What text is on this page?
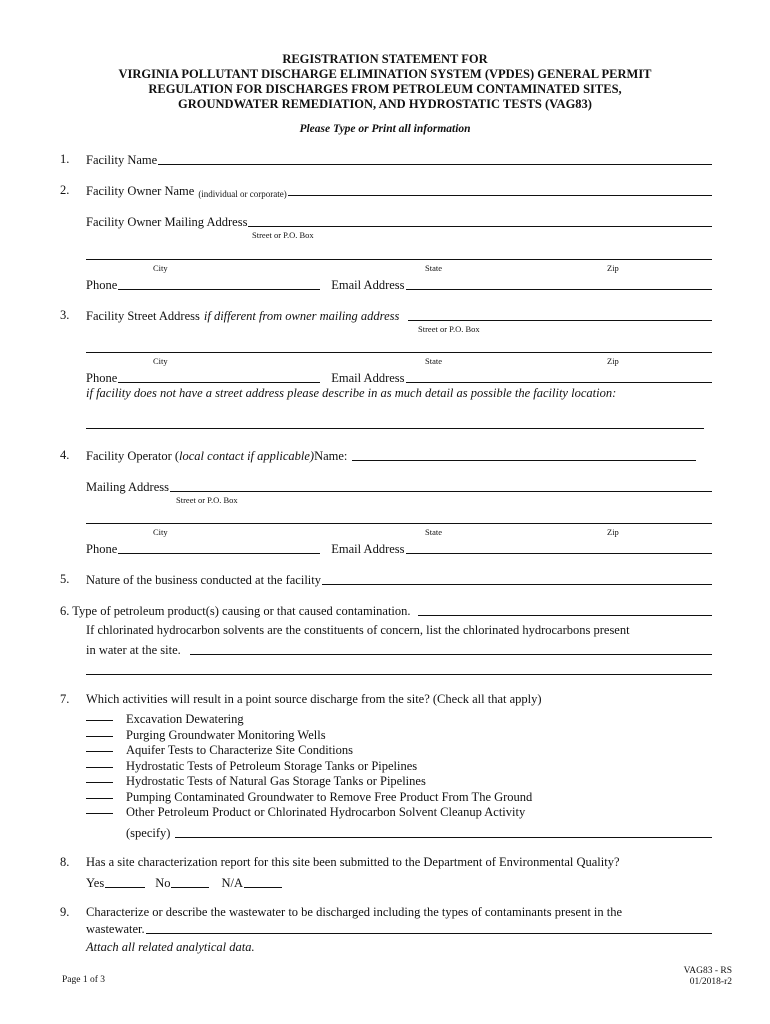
REGISTRATION STATEMENT FOR
VIRGINIA POLLUTANT DISCHARGE ELIMINATION SYSTEM (VPDES) GENERAL PERMIT
REGULATION FOR DISCHARGES FROM PETROLEUM CONTAMINATED SITES,
GROUNDWATER REMEDIATION, AND HYDROSTATIC TESTS (VAG83)
Please Type or Print all information
1. Facility Name
2. Facility Owner Name (individual or corporate)
Facility Owner Mailing Address
Street or P.O. Box
City	State	Zip
Phone	Email Address
3. Facility Street Address if different from owner mailing address
Street or P.O. Box
City	State	Zip
Phone	Email Address
if facility does not have a street address please describe in as much detail as possible the facility location:
4. Facility Operator ( local contact if applicable) Name:
Mailing Address
Street or P.O. Box
City	State	Zip
Phone	Email Address
5. Nature of the business conducted at the facility
6. Type of petroleum product(s) causing or that caused contamination.
If chlorinated hydrocarbon solvents are the constituents of concern, list the chlorinated hydrocarbons present
in water at the site.
7. Which activities will result in a point source discharge from the site? (Check all that apply)
Excavation Dewatering
Purging Groundwater Monitoring Wells
Aquifer Tests to Characterize Site Conditions
Hydrostatic Tests of Petroleum Storage Tanks or Pipelines
Hydrostatic Tests of Natural Gas Storage Tanks or Pipelines
Pumping Contaminated Groundwater to Remove Free Product From The Ground
Other Petroleum Product or Chlorinated Hydrocarbon Solvent Cleanup Activity
(specify)
8. Has a site characterization report for this site been submitted to the Department of Environmental Quality?
Yes	No	N/A
9. Characterize or describe the wastewater to be discharged including the types of contaminants present in the
wastewater.
Attach all related analytical data.
Page 1 of 3
VAG83 - RS
01/2018-r2
